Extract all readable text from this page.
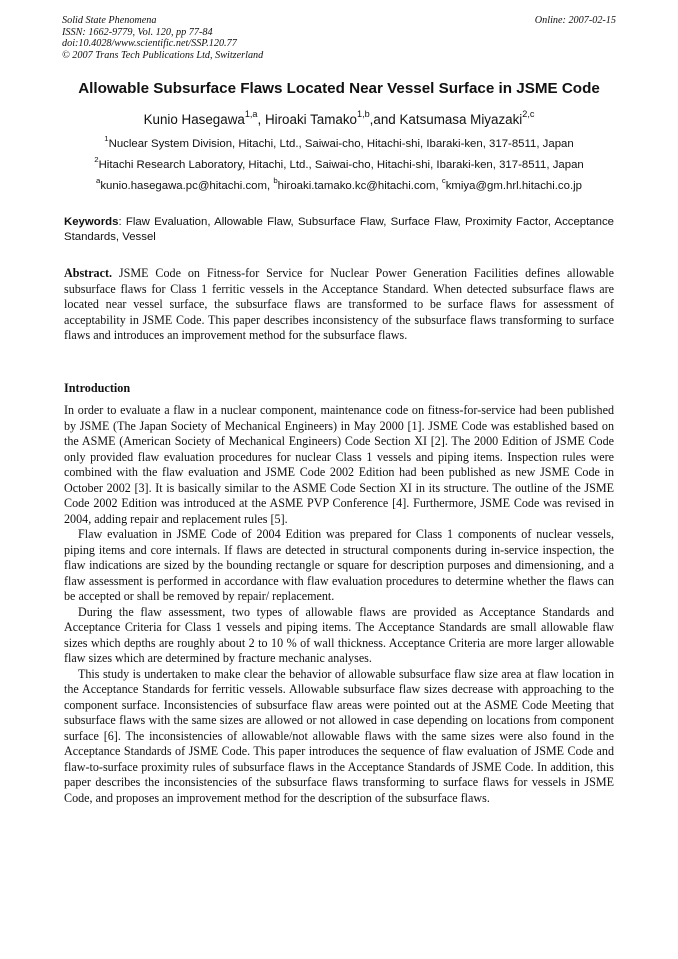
Solid State Phenomena
ISSN: 1662-9779, Vol. 120, pp 77-84
doi:10.4028/www.scientific.net/SSP.120.77
© 2007 Trans Tech Publications Ltd, Switzerland
Online: 2007-02-15
Allowable Subsurface Flaws Located Near Vessel Surface in JSME Code
Kunio Hasegawa$^{1,a}$, Hiroaki Tamako$^{1,b}$,and Katsumasa Miyazaki$^{2,c}$
$^1$Nuclear System Division, Hitachi, Ltd., Saiwai-cho, Hitachi-shi, Ibaraki-ken, 317-8511, Japan
$^2$Hitachi Research Laboratory, Hitachi, Ltd., Saiwai-cho, Hitachi-shi, Ibaraki-ken, 317-8511, Japan
$^a$kunio.hasegawa.pc@hitachi.com, $^b$hiroaki.tamako.kc@hitachi.com, $^c$kmiya@gm.hrl.hitachi.co.jp
Keywords: Flaw Evaluation, Allowable Flaw, Subsurface Flaw, Surface Flaw, Proximity Factor, Acceptance Standards, Vessel
Abstract. JSME Code on Fitness-for Service for Nuclear Power Generation Facilities defines allowable subsurface flaws for Class 1 ferritic vessels in the Acceptance Standard. When detected subsurface flaws are located near vessel surface, the subsurface flaws are transformed to be surface flaws for assessment of acceptability in JSME Code. This paper describes inconsistency of the subsurface flaws transforming to surface flaws and introduces an improvement method for the subsurface flaws.
Introduction

In order to evaluate a flaw in a nuclear component, maintenance code on fitness-for-service had been published by JSME (The Japan Society of Mechanical Engineers) in May 2000 [1]. JSME Code was established based on the ASME (American Society of Mechanical Engineers) Code Section XI [2]. The 2000 Edition of JSME Code only provided flaw evaluation procedures for nuclear Class 1 vessels and piping items. Inspection rules were combined with the flaw evaluation and JSME Code 2002 Edition had been published as new JSME Code in October 2002 [3]. It is basically similar to the ASME Code Section XI in its structure. The outline of the JSME Code 2002 Edition was introduced at the ASME PVP Conference [4]. Furthermore, JSME Code was revised in 2004, adding repair and replacement rules [5].

Flaw evaluation in JSME Code of 2004 Edition was prepared for Class 1 components of nuclear vessels, piping items and core internals. If flaws are detected in structural components during in-service inspection, the flaw indications are sized by the bounding rectangle or square for description purposes and dimensioning, and a flaw assessment is performed in accordance with flaw evaluation procedures to determine whether the flaws can be accepted or shall be removed by repair/ replacement.

During the flaw assessment, two types of allowable flaws are provided as Acceptance Standards and Acceptance Criteria for Class 1 vessels and piping items. The Acceptance Standards are small allowable flaw sizes which depths are roughly about 2 to 10 % of wall thickness. Acceptance Criteria are more larger allowable flaw sizes which are determined by fracture mechanic analyses.

This study is undertaken to make clear the behavior of allowable subsurface flaw size area at flaw location in the Acceptance Standards for ferritic vessels. Allowable subsurface flaw sizes decrease with approaching to the component surface. Inconsistencies of subsurface flaw areas were pointed out at the ASME Code Meeting that subsurface flaws with the same sizes are allowed or not allowed in case depending on locations from component surface [6]. The inconsistencies of allowable/not allowable flaws with the same sizes were also found in the Acceptance Standards of JSME Code. This paper introduces the sequence of flaw evaluation of JSME Code and flaw-to-surface proximity rules of subsurface flaws in the Acceptance Standards of JSME Code. In addition, this paper describes the inconsistencies of the subsurface flaws transforming to surface flaws for vessels in JSME Code, and proposes an improvement method for the description of the subsurface flaws.
